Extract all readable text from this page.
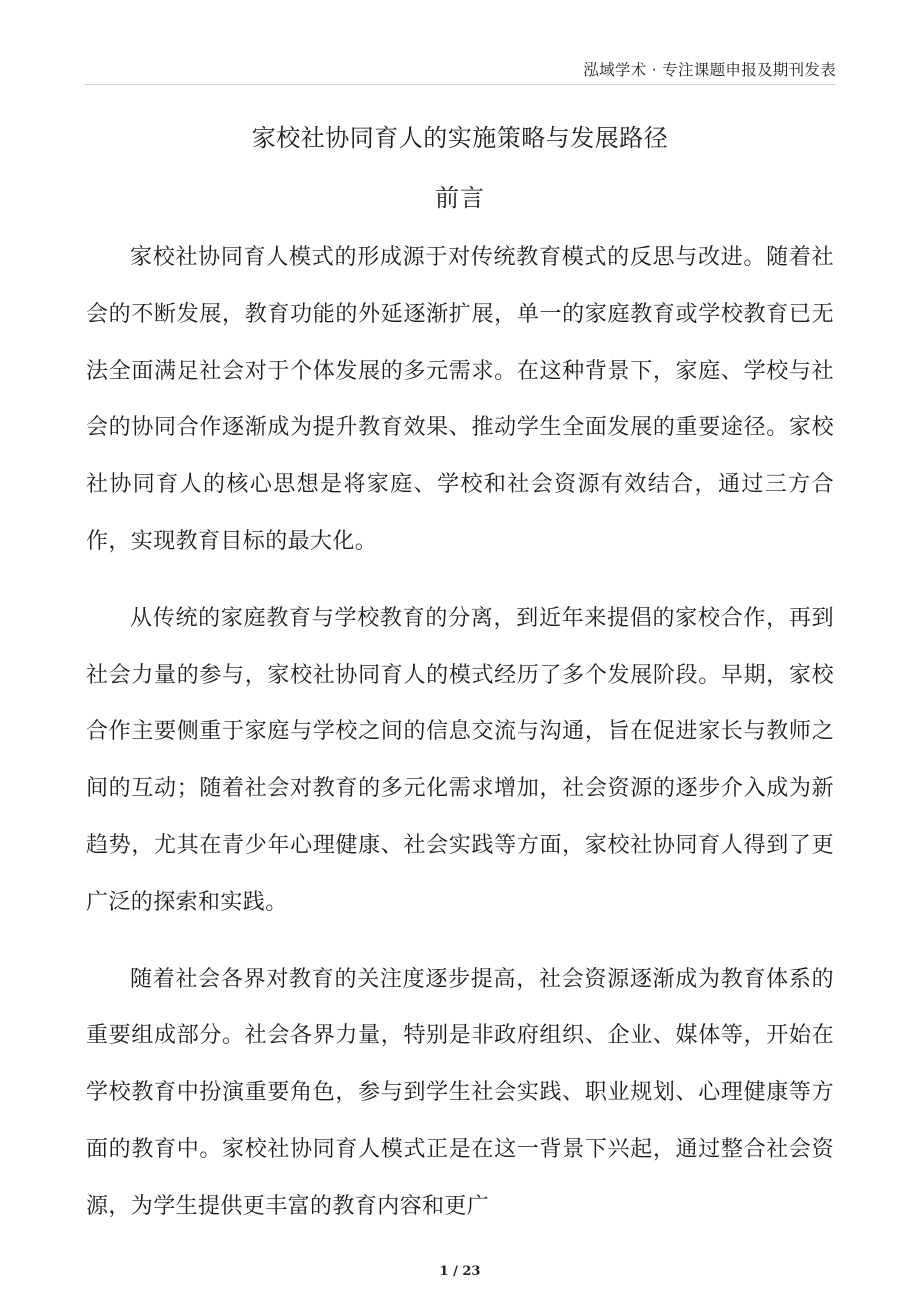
泓域学术 · 专注课题申报及期刊发表
家校社协同育人的实施策略与发展路径
前言

家校社协同育人模式的形成源于对传统教育模式的反思与改进。随着社会的不断发展，教育功能的外延逐渐扩展，单一的家庭教育或学校教育已无法全面满足社会对于个体发展的多元需求。在这种背景下，家庭、学校与社会的协同合作逐渐成为提升教育效果、推动学生全面发展的重要途径。家校社协同育人的核心思想是将家庭、学校和社会资源有效结合，通过三方合作，实现教育目标的最大化。

从传统的家庭教育与学校教育的分离，到近年来提倡的家校合作，再到社会力量的参与，家校社协同育人的模式经历了多个发展阶段。早期，家校合作主要侧重于家庭与学校之间的信息交流与沟通，旨在促进家长与教师之间的互动；随着社会对教育的多元化需求增加，社会资源的逐步介入成为新趋势，尤其在青少年心理健康、社会实践等方面，家校社协同育人得到了更广泛的探索和实践。

随着社会各界对教育的关注度逐步提高，社会资源逐渐成为教育体系的重要组成部分。社会各界力量，特别是非政府组织、企业、媒体等，开始在学校教育中扮演重要角色，参与到学生社会实践、职业规划、心理健康等方面的教育中。家校社协同育人模式正是在这一背景下兴起，通过整合社会资源，为学生提供更丰富的教育内容和更广

1 / 23
